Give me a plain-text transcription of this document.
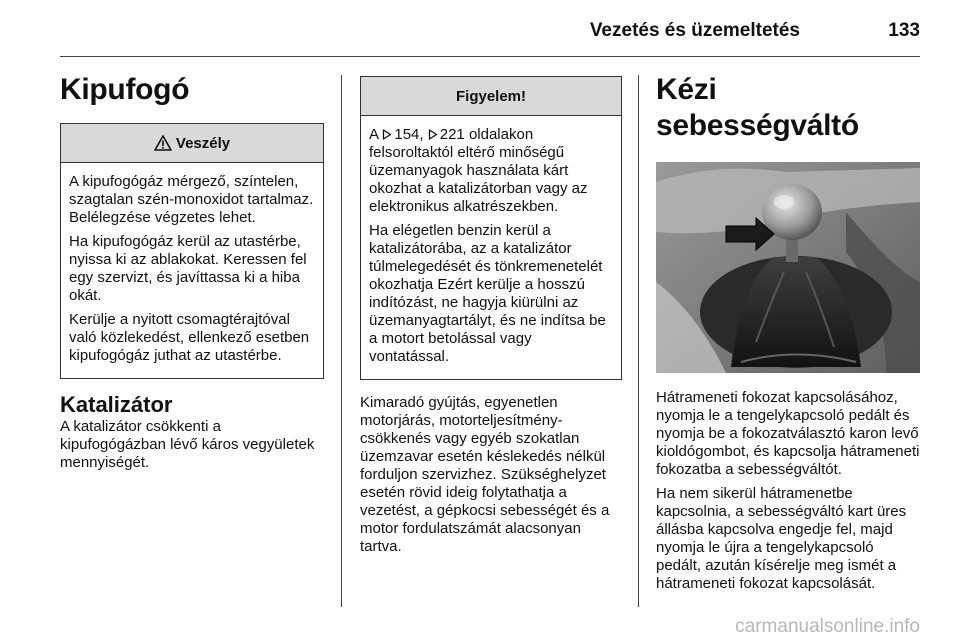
Vezetés és üzemeltetés	133
Kipufogó
Veszély

A kipufogógáz mérgező, színtelen, szagtalan szén-monoxidot tartalmaz. Belélegzése végzetes lehet.

Ha kipufogógáz kerül az utastérbe, nyissa ki az ablakokat. Keressen fel egy szervizt, és javíttassa ki a hiba okát.

Kerülje a nyitott csomagtérajtóval való közlekedést, ellenkező esetben kipufogógáz juthat az utastérbe.

Katalizátor

A katalizátor csökkenti a kipufogógázban lévő káros vegyületek mennyiségét.

Figyelem!

A 154, 221 oldalakon felsoroltaktól eltérő minőségű üzemanyagok használata kárt okozhat a katalizátorban vagy az elektronikus alkatrészekben.

Ha elégetlen benzin kerül a katalizátorába, az a katalizátor túlmelegedését és tönkremenetelét okozhatja Ezért kerülje a hosszú indítózást, ne hagyja kiürülni az üzemanyagtartályt, és ne indítsa be a motort betolással vagy vontatással.

Kimaradó gyújtás, egyenetlen motorjárás, motorteljesítmény-csökkenés vagy egyéb szokatlan üzemzavar esetén késlekedés nélkül forduljon szervizhez. Szükséghelyzet esetén rövid ideig folytathatja a vezetést, a gépkocsi sebességét és a motor fordulatszámát alacsonyan tartva.

Kézi sebességváltó

Hátrameneti fokozat kapcsolásához, nyomja le a tengelykapcsoló pedált és nyomja be a fokozatválasztó karon levő kioldógombot, és kapcsolja hátrameneti fokozatba a sebességváltót.

Ha nem sikerül hátramenetbe kapcsolnia, a sebességváltó kart üres állásba kapcsolva engedje fel, majd nyomja le újra a tengelykapcsoló pedált, azután kísérelje meg ismét a hátrameneti fokozat kapcsolását.

carmanualsonline.info
